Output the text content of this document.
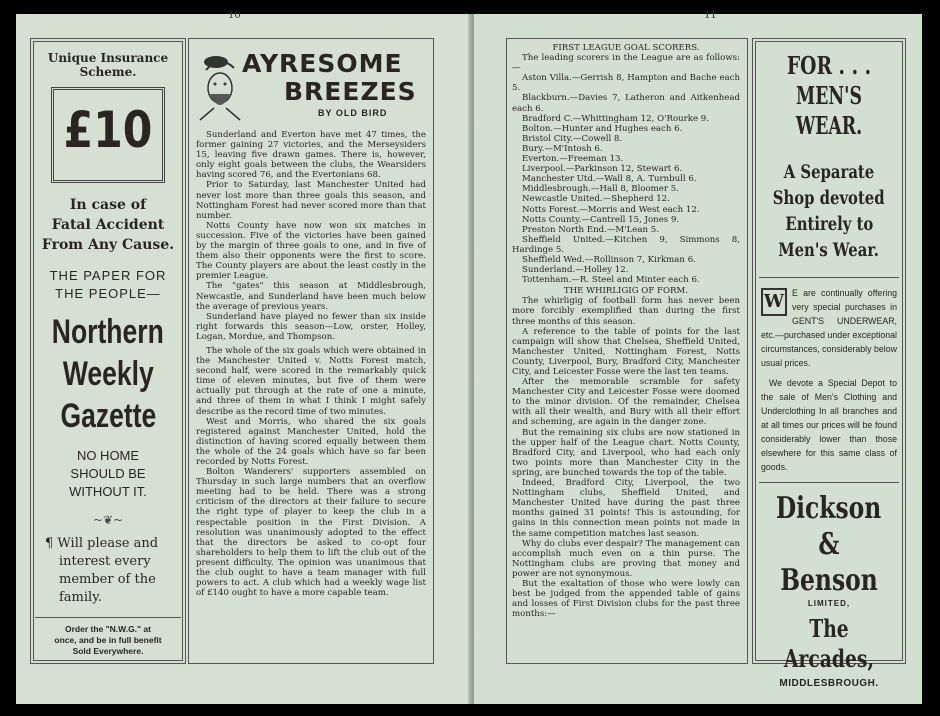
10
Unique Insurance Scheme.
£10
In case of
Fatal Accident
From Any Cause.
THE PAPER FOR
THE PEOPLE—
Northern
Weekly
Gazette
NO HOME
SHOULD BE
WITHOUT IT.
~❦~
¶ Will please and
interest every
member of the
family.
Order the "N.W.G." at
once, and be in full benefit
Sold Everywhere.
AYRESOME
BREEZES
BY OLD BIRD

Sunderland and Everton have met 47 times, the former gaining 27 victories, and the Merseysiders 15, leaving five drawn games. There is, however, only eight goals between the clubs, the Wearsiders having scored 76, and the Evertonians 68.

Prior to Saturday, last Manchester United had never lost more than three goals this season, and Nottingham Forest had never scored more than that number.

Notts County have now won six matches in succession. Five of the victories have been gained by the margin of three goals to one, and in five of them also their opponents were the first to score. The County players are about the least costly in the premier League.

The "gates" this season at Middlesbrough, Newcastle, and Sunderland have been much below the average of previous years.

Sunderland have played no fewer than six inside right forwards this season—Low, orster, Holley, Logan, Mordue, and Thompson.

The whole of the six goals which were obtained in the Manchester United v. Notts Forest match, second half, were scored in the remarkably quick time of eleven minutes, but five of them were actually put through at the rate of one a minute, and three of them in what I think I might safely describe as the record time of two minutes.

West and Morris, who shared the six goals registered against Manchester United, hold the distinction of having scored equally between them the whole of the 24 goals which have so far been recorded by Notts Forest.

Bolton Wanderers' supporters assembled on Thursday in such large numbers that an overflow meeting had to be held. There was a strong criticism of the directors at their failure to secure the right type of player to keep the club in a respectable position in the First Division. A resolution was unanimously adopted to the effect that the directors be asked to co-opt four shareholders to help them to lift the club out of the present difficulty. The opinion was unanimous that the club ought to have a team manager with full powers to act. A club which had a weekly wage list of £140 ought to have a more capable team.

11

FIRST LEAGUE GOAL SCORERS.

The leading scorers in the League are as follows:—

Aston Villa.—Gerrish 8, Hampton and Bache each 5.

Blackburn.—Davies 7, Latheron and Aitkenhead each 6.

Bradford C.—Whittingham 12, O'Rourke 9.

Bolton.—Hunter and Hughes each 6.

Bristol City.—Cowell 8.

Bury.—M'Intosh 6.

Everton.—Freeman 13.

Liverpool.—Parkinson 12, Stewart 6.

Manchester Utd.—Wall 8, A. Turnbull 6.

Middlesbrough.—Hall 8, Bloomer 5.

Newcastle United.—Shepherd 12.

Notts Forest.—Morris and West each 12.

Notts County.—Cantrell 15, Jones 9.

Preston North End.—M'Lean 5.

Sheffield United.—Kitchen 9, Simmons 8, Hardinge 5.

Sheffield Wed.—Rollinson 7, Kirkman 6.

Sunderland.—Holley 12.

Tottenham.—R. Steel and Minter each 6.

THE WHIRLIGIG OF FORM.

The whirligig of football form has never been more forcibly exemplified than during the first three months of this season.

A reference to the table of points for the last campaign will show that Chelsea, Sheffield United, Manchester United, Nottingham Forest, Notts County, Liverpool, Bury, Bradford City, Manchester City, and Leicester Fosse were the last ten teams.

After the memorable scramble for safety Manchester City and Leicester Fosse were doomed to the minor division. Of the remainder, Chelsea with all their wealth, and Bury with all their effort and scheming, are again in the danger zone.

But the remaining six clubs are now stationed in the upper half of the League chart. Notts County, Bradford City, and Liverpool, who had each only two points more than Manchester City in the spring, are bunched towards the top of the table.

Indeed, Bradford City, Liverpool, the two Nottingham clubs, Sheffield United, and Manchester United have during the past three months gained 31 points! This is astounding, for gains in this connection mean points not made in the same competition matches last season.

Why do clubs ever despair? The management can accomplish much even on a thin purse. The Nottingham clubs are proving that money and power are not synonymous.

But the exaltation of those who were lowly can best be judged from the appended table of gains and losses of First Division clubs for the past three months:—

FOR . . .
MEN'S WEAR.
A Separate
Shop devoted
Entirely to
Men's Wear.
W E are continually offering very special purchases in GENT'S UNDERWEAR, etc.—purchased under exceptional circumstances, considerably below usual prices.
We devote a Special Depot to the sale of Men's Clothing and Underclothing In all branches and at all times our prices will be found considerably lower than those elsewhere for this same class of goods.
Dickson
& Benson
LIMITED,
The Arcades,
MIDDLESBROUGH.
